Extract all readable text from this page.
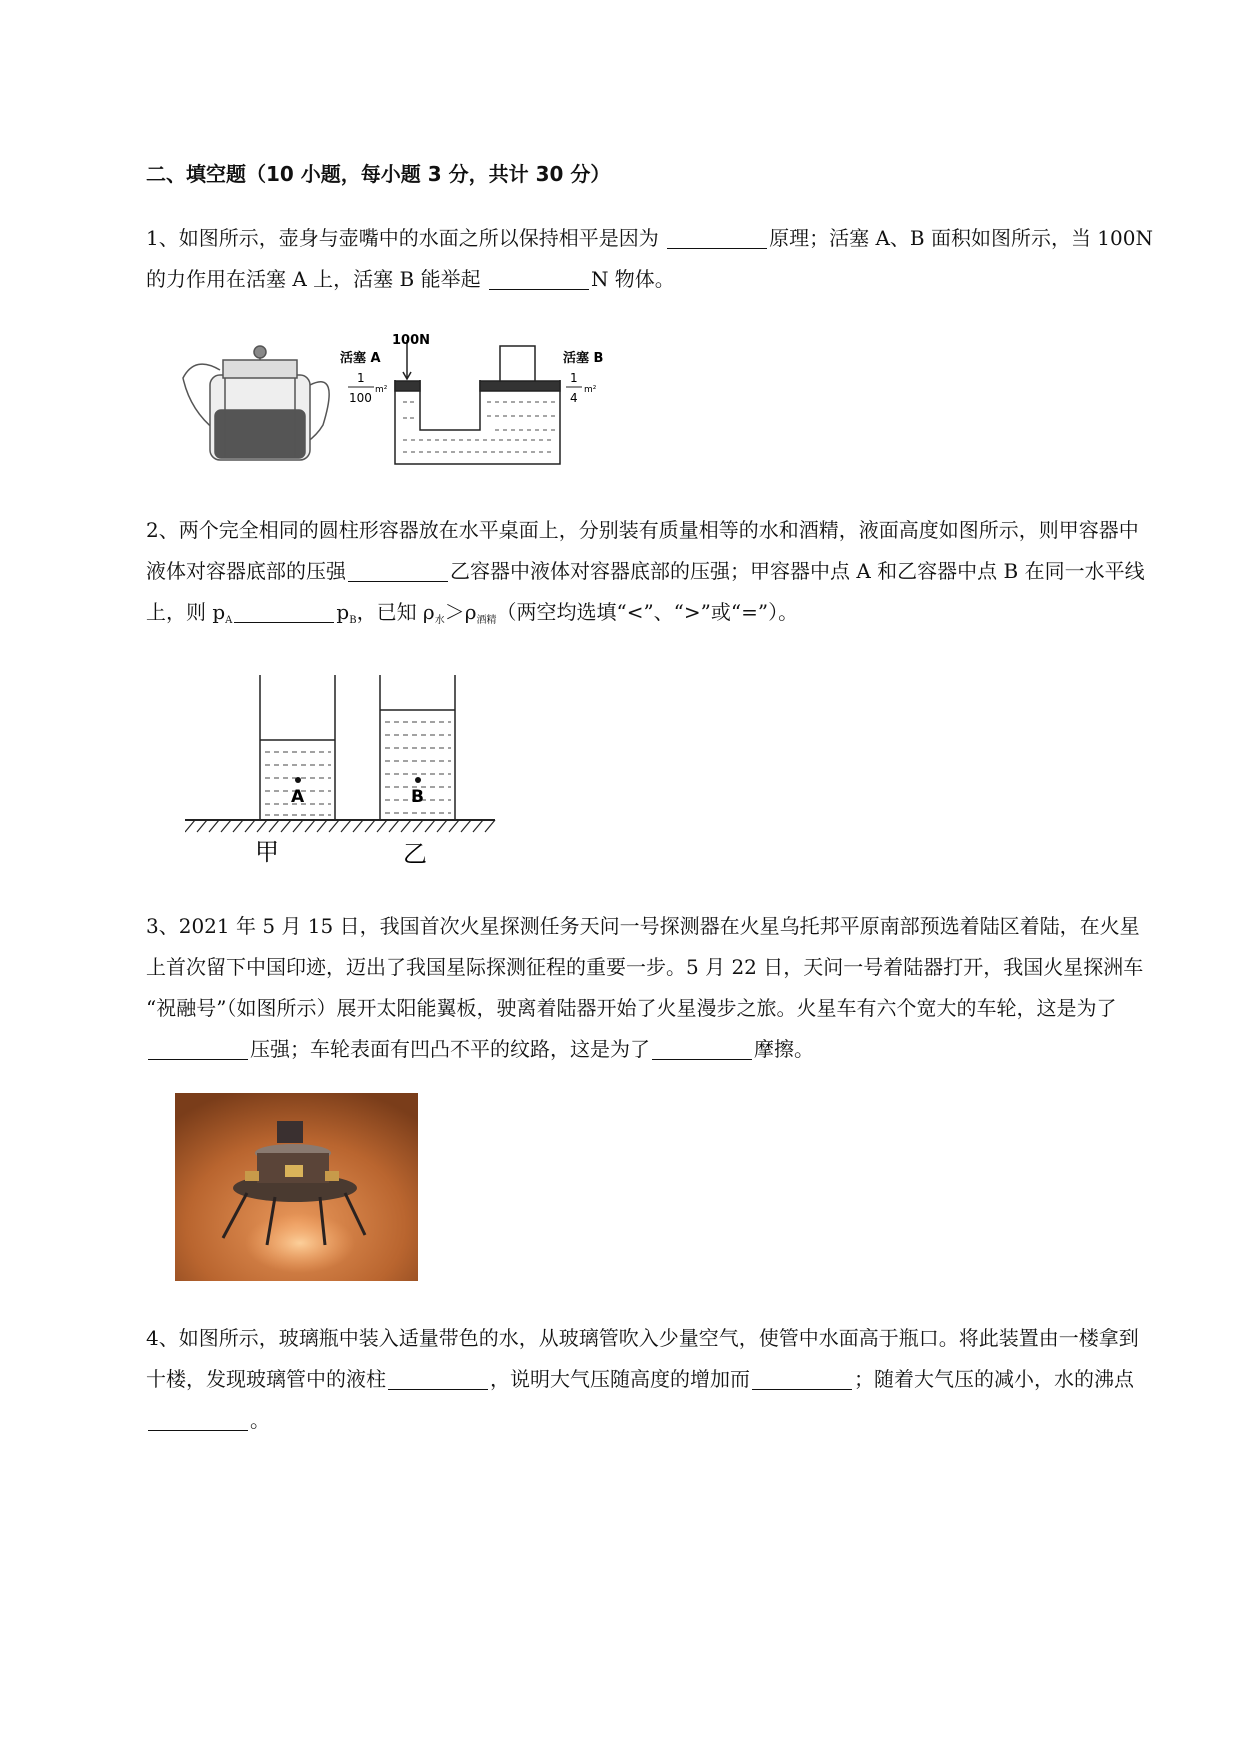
二、填空题（10 小题，每小题 3 分，共计 30 分）
1、如图所示，壶身与壶嘴中的水面之所以保持相平是因为	原理；活塞 A、B 面积如图所示，当 100N 的力作用在活塞 A 上，活塞 B 能举起	N 物体。
100N
活塞 A	活塞 B
1
100
m²
1
4
m²
2、两个完全相同的圆柱形容器放在水平桌面上，分别装有质量相等的水和酒精，液面高度如图所示，则甲容器中液体对容器底部的压强	乙容器中液体对容器底部的压强；甲容器中点 A 和乙容器中点 B 在同一水平线上，则 $p_A$	$p_B$，已知 $\rho_水>\rho_{酒精}$（两空均选填“<”、“>”或“=”）。
A	B
甲	乙
3、2021 年 5 月 15 日，我国首次火星探测任务天问一号探测器在火星乌托邦平原南部预选着陆区着陆，在火星上首次留下中国印迹，迈出了我国星际探测征程的重要一步。5 月 22 日，天问一号着陆器打开，我国火星探洲车 “祝融号”（如图所示）展开太阳能翼板，驶离着陆器开始了火星漫步之旅。火星车有六个宽大的车轮，这是为了压强；车轮表面有凹凸不平的纹路，这是为了	摩擦。
4、如图所示，玻璃瓶中装入适量带色的水，从玻璃管吹入少量空气，使管中水面高于瓶口。将此装置由一楼拿到十楼，发现玻璃管中的液柱	，说明大气压随高度的增加而	；随着大气压的减小，水的沸点。
